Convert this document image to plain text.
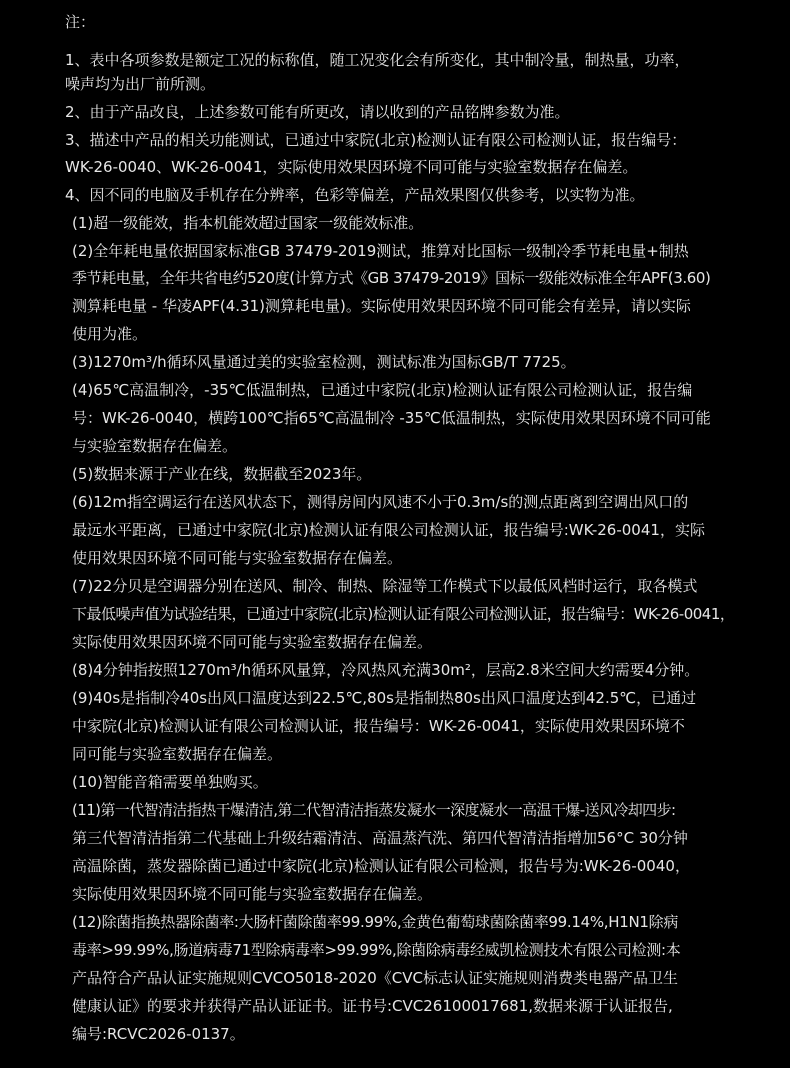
注：
1、表中各项参数是额定工况的标称值，随工况变化会有所变化，其中制冷量，制热量，功率，
噪声均为出厂前所测。
2、由于产品改良，上述参数可能有所更改，请以收到的产品铭牌参数为准。
3、描述中产品的相关功能测试，已通过中家院(北京)检测认证有限公司检测认证，报告编号：
WK-26-0040、WK-26-0041，实际使用效果因环境不同可能与实验室数据存在偏差。
4、因不同的电脑及手机存在分辨率，色彩等偏差，产品效果图仅供参考，以实物为准。
(1)超一级能效，指本机能效超过国家一级能效标准。
(2)全年耗电量依据国家标准GB 37479-2019测试，推算对比国标一级制冷季节耗电量+制热
季节耗电量，全年共省电约520度(计算方式《GB 37479-2019》国标一级能效标准全年APF(3.60)
测算耗电量 - 华凌APF(4.31)测算耗电量)。实际使用效果因环境不同可能会有差异，请以实际
使用为准。
(3)1270m³/h循环风量通过美的实验室检测，测试标准为国标GB/T 7725。
(4)65℃高温制冷，-35℃低温制热，已通过中家院(北京)检测认证有限公司检测认证，报告编
号：WK-26-0040，横跨100℃指65℃高温制冷 -35℃低温制热，实际使用效果因环境不同可能
与实验室数据存在偏差。
(5)数据来源于产业在线，数据截至2023年。
(6)12m指空调运行在送风状态下，测得房间内风速不小于0.3m/s的测点距离到空调出风口的
最远水平距离，已通过中家院(北京)检测认证有限公司检测认证，报告编号:WK-26-0041，实际
使用效果因环境不同可能与实验室数据存在偏差。
(7)22分贝是空调器分别在送风、制冷、制热、除湿等工作模式下以最低风档时运行，取各模式
下最低噪声值为试验结果，已通过中家院(北京)检测认证有限公司检测认证，报告编号：WK-26-0041，
实际使用效果因环境不同可能与实验室数据存在偏差。
(8)4分钟指按照1270m³/h循环风量算，冷风热风充满30m²，层高2.8米空间大约需要4分钟。
(9)40s是指制冷40s出风口温度达到22.5℃,80s是指制热80s出风口温度达到42.5℃，已通过
中家院(北京)检测认证有限公司检测认证，报告编号：WK-26-0041，实际使用效果因环境不
同可能与实验室数据存在偏差。
(10)智能音箱需要单独购买。
(11)第一代智清洁指热干爆清洁,第二代智清洁指蒸发凝水一深度凝水一高温干爆-送风冷却四步:
第三代智清洁指第二代基础上升级结霜清洁、高温蒸汽洗、第四代智清洁指增加56°C 30分钟
高温除菌，蒸发器除菌已通过中家院(北京)检测认证有限公司检测，报告号为:WK-26-0040，
实际使用效果因环境不同可能与实验室数据存在偏差。
(12)除菌指换热器除菌率:大肠杆菌除菌率99.99%,金黄色葡萄球菌除菌率99.14%,H1N1除病
毒率>99.99%,肠道病毒71型除病毒率>99.99%,除菌除病毒经威凯检测技术有限公司检测:本
产品符合产品认证实施规则CVCO5018-2020《CVC标志认证实施规则消费类电器产品卫生
健康认证》的要求并获得产品认证证书。证书号:CVC26100017681,数据来源于认证报告,
编号:RCVC2026-0137。
